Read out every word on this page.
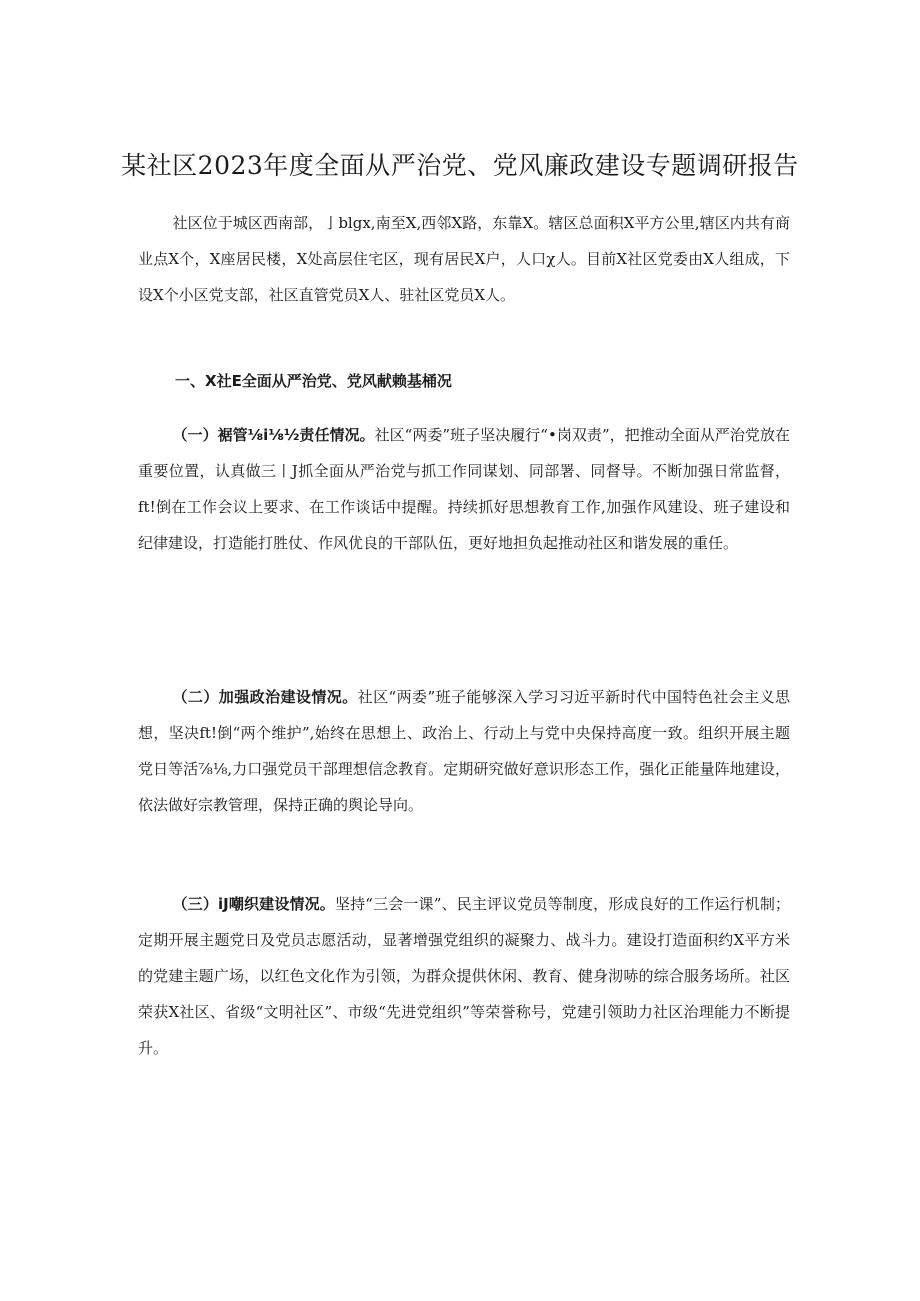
某社区2023年度全面从严治党、党风廉政建设专题调研报告

社区位于城区西南部，亅blgx,南至X,西邻X路，东靠X。辖区总面积X平方公里,辖区内共有商业点X个，X座居民楼，X处高层住宅区，现有居民X户，人口χ人。目前X社区党委由X人组成，下设X个小区党支部，社区直管党员X人、驻社区党员X人。

一、X社E全面从严治党、党风献赖基桶况

（一）裾管⅛i⅛½责任情况。社区“两委”班子坚决履行“•岗双责”，把推动全面从严治党放在重要位置，认真做三丨J抓全面从严治党与抓工作同谋划、同部署、同督导。不断加强日常监督，ft!倒在工作会议上要求、在工作谈话中提醒。持续抓好思想教育工作,加强作风建设、班子建设和纪律建设，打造能打胜仗、作风优良的干部队伍，更好地担负起推动社区和谐发展的重任。

（二）加强政治建设情况。社区“两委”班子能够深入学习习近平新时代中国特色社会主义思想，坚决ft!倒“两个维护”,始终在思想上、政治上、行动上与党中央保持高度一致。组织开展主题党日等活⅞⅛,力口强党员干部理想信念教育。定期研究做好意识形态工作，强化正能量阵地建设，依法做好宗教管理，保持正确的舆论导向。

（三）iJ嘲织建设情况。坚持“三会一课”、民主评议党员等制度，形成良好的工作运行机制；定期开展主题党日及党员志愿活动，显著增强党组织的凝聚力、战斗力。建设打造面积约X平方米的党建主题广场，以红色文化作为引领，为群众提供休闲、教育、健身沏哧的综合服务场所。社区荣获X社区、省级“文明社区”、市级“先进党组织”等荣誉称号，党建引领助力社区治理能力不断提升。
